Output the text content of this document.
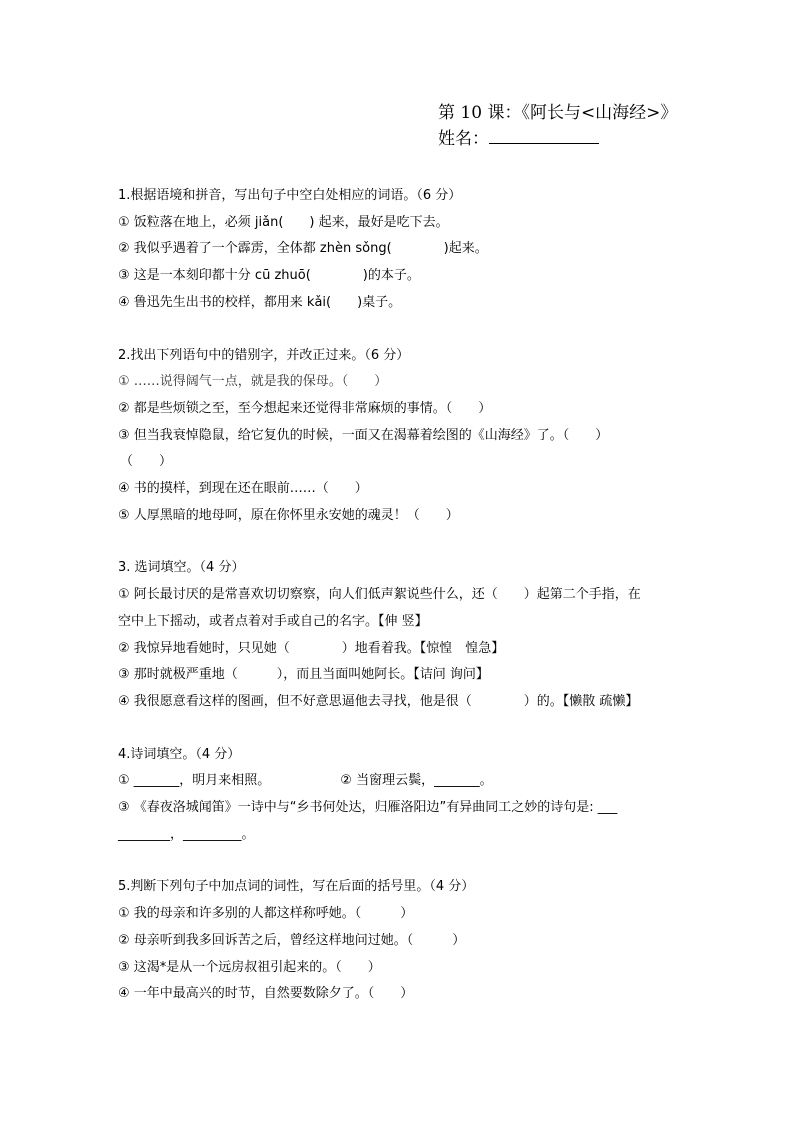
第 10 课：《阿长与<山海经>》
姓名：
1.根据语境和拼音，写出句子中空白处相应的词语。（6 分）
① 饭粒落在地上，必须 jiǎn(　　) 起来，最好是吃下去。
② 我似乎遇着了一个霹雳，全体都 zhèn sǒng(　　　　)起来。
③ 这是一本刻印都十分 cū zhuō(　　　　)的本子。
④ 鲁迅先生出书的校样，都用来 kǎi(　　)桌子。
2.找出下列语句中的错别字，并改正过来。（6 分）
① ……说得阔气一点，就是我的保母。（　　）
② 都是些烦锁之至，至今想起来还觉得非常麻烦的事情。（　　）
③ 但当我衰悼隐鼠，给它复仇的时候，一面又在渴幕着绘图的《山海经》了。（　　）
（　　）
④ 书的摸样，到现在还在眼前……（　　）
⑤ 人厚黑暗的地母呵，原在你怀里永安她的魂灵！（　　）
3. 选词填空。（4 分）
① 阿长最讨厌的是常喜欢切切察察，向人们低声絮说些什么，还（　　）起第二个手指，在
空中上下摇动，或者点着对手或自己的名字。【伸 竖】
② 我惊异地看她时，只见她（　　　　）地看着我。【惊惶　惶急】
③ 那时就极严重地（　　　），而且当面叫她阿长。【诘问 询问】
④ 我很愿意看这样的图画，但不好意思逼他去寻找，他是很（　　　　）的。【懒散 疏懒】
4.诗词填空。（4 分）
① _______，明月来相照。	② 当窗理云鬓，_______。
③ 《春夜洛城闻笛》一诗中与“乡书何处达，归雁洛阳边”有异曲同工之妙的诗句是: ___
________，_________。
5.判断下列句子中加点词的词性，写在后面的括号里。（4 分）
① 我的母亲和许多别的人都这样称呼她。（　　　）
② 母亲听到我多回诉苦之后，曾经这样地问过她。（　　　）
③ 这渴*是从一个远房叔祖引起来的。（　　）
④ 一年中最高兴的时节，自然要数除夕了。（　　）
